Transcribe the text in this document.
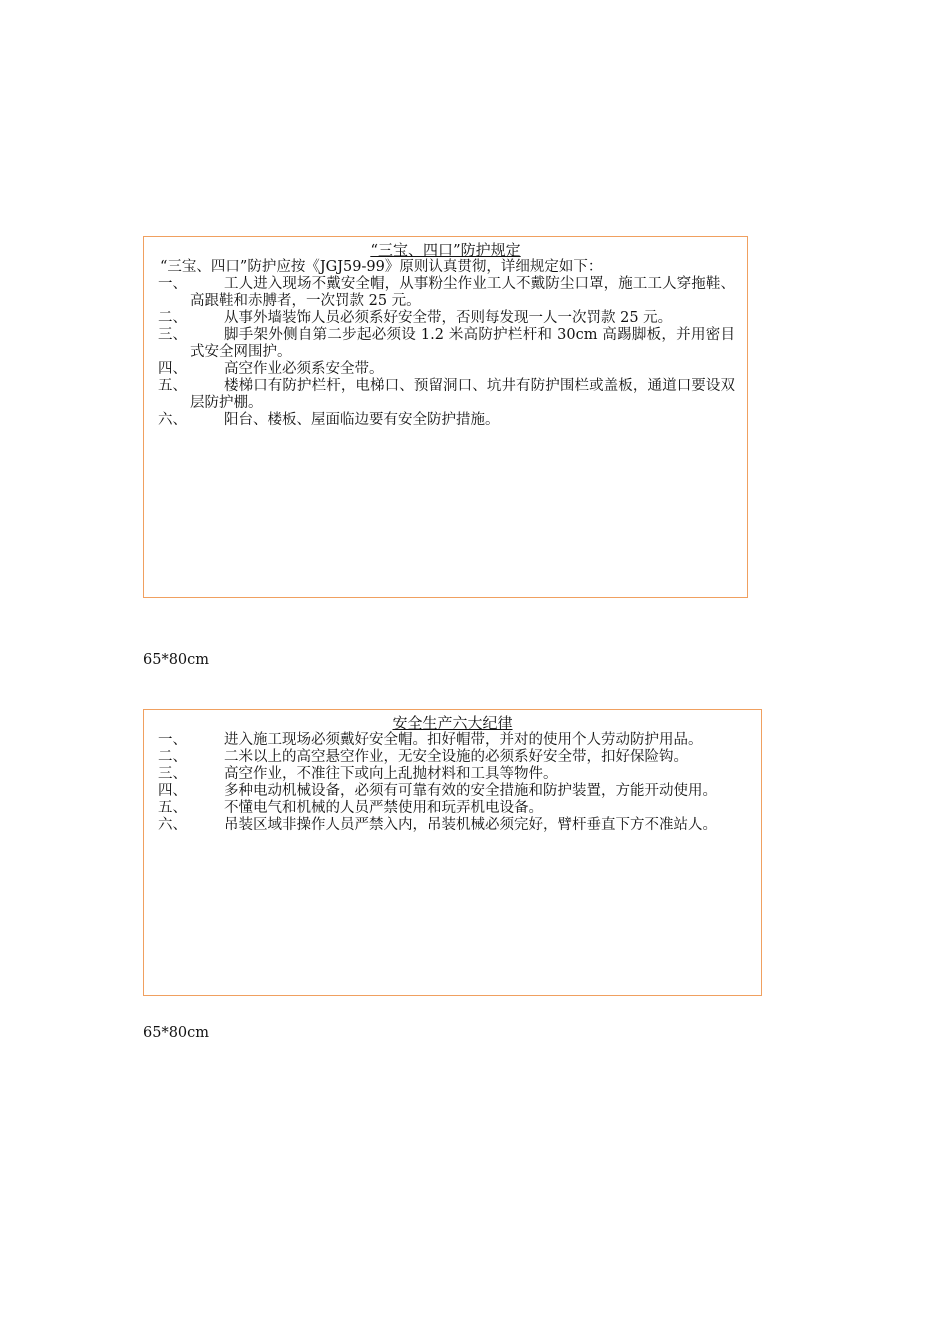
“三宝、四口”防护规定
“三宝、四口”防护应按《JGJ59-99》原则认真贯彻，详细规定如下：
一、	工人进入现场不戴安全帽，从事粉尘作业工人不戴防尘口罩，施工工人穿拖鞋、高跟鞋和赤膊者，一次罚款 25 元。
二、	从事外墙装饰人员必须系好安全带，否则每发现一人一次罚款 25 元。
三、	脚手架外侧自第二步起必须设 1.2 米高防护栏杆和 30cm 高踢脚板，并用密目式安全网围护。
四、	高空作业必须系安全带。
五、	楼梯口有防护栏杆，电梯口、预留洞口、坑井有防护围栏或盖板，通道口要设双层防护棚。
六、	阳台、楼板、屋面临边要有安全防护措施。
65*80cm
安全生产六大纪律
一、	进入施工现场必须戴好安全帽。扣好帽带，并对的使用个人劳动防护用品。
二、	二米以上的高空悬空作业，无安全设施的必须系好安全带，扣好保险钩。
三、	高空作业，不准往下或向上乱抛材料和工具等物件。
四、	多种电动机械设备，必须有可靠有效的安全措施和防护装置，方能开动使用。
五、	不懂电气和机械的人员严禁使用和玩弄机电设备。
六、	吊装区域非操作人员严禁入内，吊装机械必须完好，臂杆垂直下方不准站人。
65*80cm
